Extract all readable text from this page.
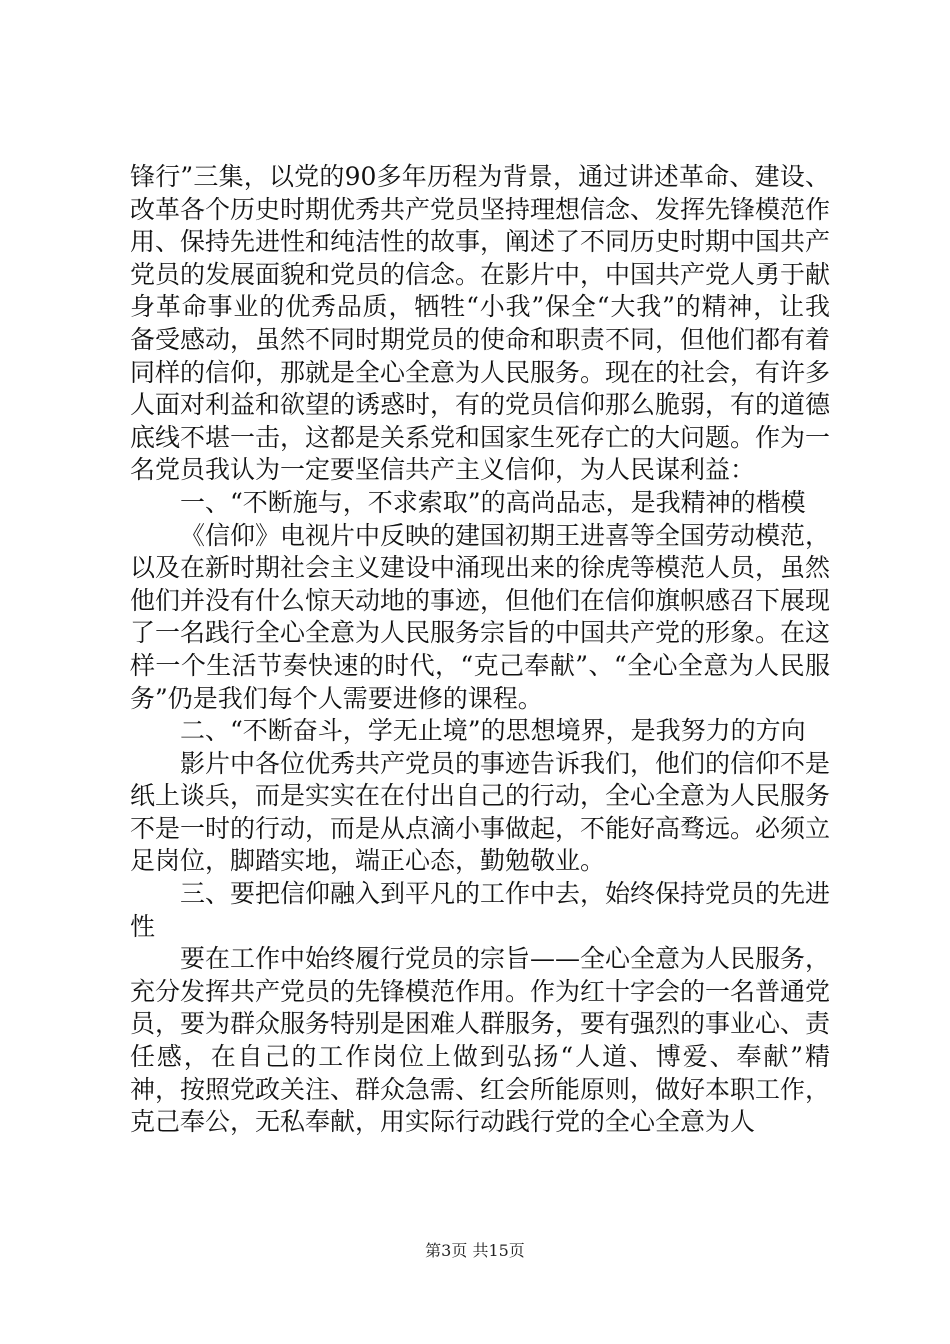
锋行”三集，以党的90多年历程为背景，通过讲述革命、建设、改革各个历史时期优秀共产党员坚持理想信念、发挥先锋模范作用、保持先进性和纯洁性的故事，阐述了不同历史时期中国共产党员的发展面貌和党员的信念。在影片中，中国共产党人勇于献身革命事业的优秀品质，牺牲“小我”保全“大我”的精神，让我备受感动，虽然不同时期党员的使命和职责不同，但他们都有着同样的信仰，那就是全心全意为人民服务。现在的社会，有许多人面对利益和欲望的诱惑时，有的党员信仰那么脆弱，有的道德底线不堪一击，这都是关系党和国家生死存亡的大问题。作为一名党员我认为一定要坚信共产主义信仰，为人民谋利益：

一、“不断施与，不求索取”的高尚品志，是我精神的楷模

《信仰》电视片中反映的建国初期王进喜等全国劳动模范，以及在新时期社会主义建设中涌现出来的徐虎等模范人员，虽然他们并没有什么惊天动地的事迹，但他们在信仰旗帜感召下展现了一名践行全心全意为人民服务宗旨的中国共产党的形象。在这样一个生活节奏快速的时代，“克己奉献”、“全心全意为人民服务”仍是我们每个人需要进修的课程。

二、“不断奋斗，学无止境”的思想境界，是我努力的方向

影片中各位优秀共产党员的事迹告诉我们，他们的信仰不是纸上谈兵，而是实实在在付出自己的行动，全心全意为人民服务不是一时的行动，而是从点滴小事做起，不能好高骛远。必须立足岗位，脚踏实地，端正心态，勤勉敬业。

三、要把信仰融入到平凡的工作中去，始终保持党员的先进性

要在工作中始终履行党员的宗旨——全心全意为人民服务，充分发挥共产党员的先锋模范作用。作为红十字会的一名普通党员，要为群众服务特别是困难人群服务，要有强烈的事业心、责任感，在自己的工作岗位上做到弘扬“人道、博爱、奉献”精神，按照党政关注、群众急需、红会所能原则，做好本职工作，克己奉公，无私奉献，用实际行动践行党的全心全意为人

第3页 共15页
